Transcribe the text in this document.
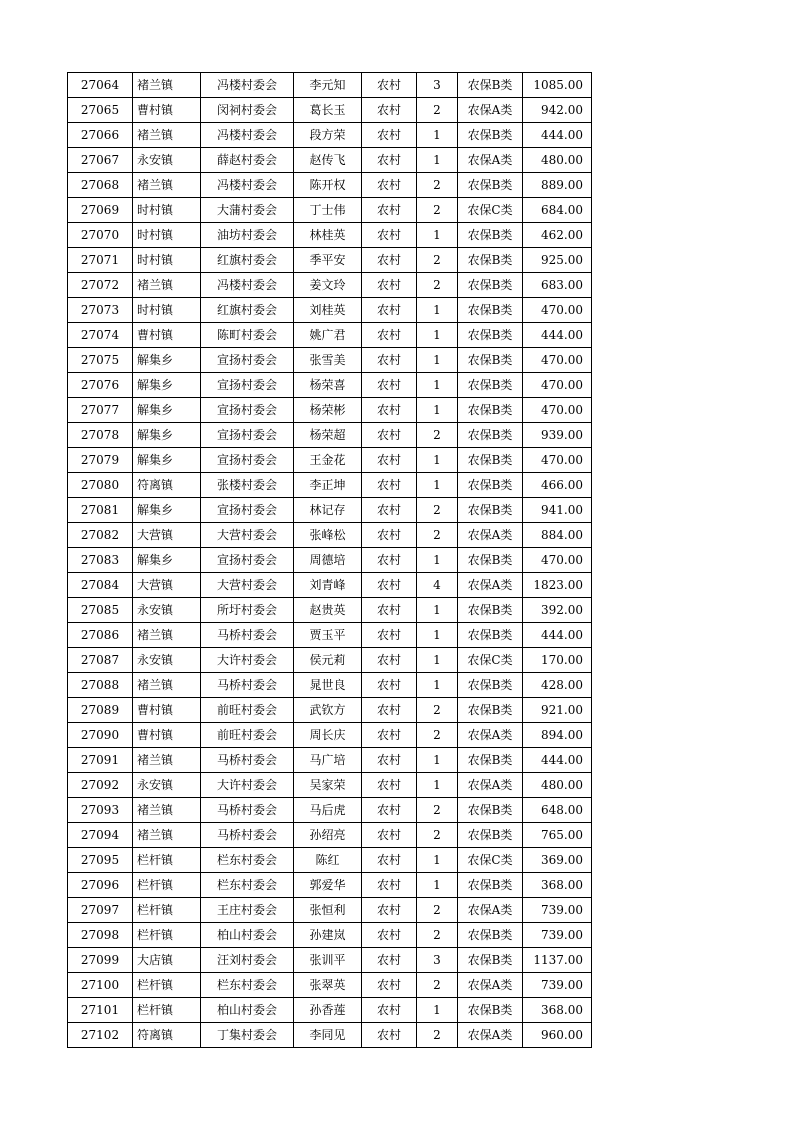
27064	褚兰镇	冯楼村委会	李元知	农村	3	农保B类	1085.00
27065	曹村镇	闵祠村委会	葛长玉	农村	2	农保A类	942.00
27066	褚兰镇	冯楼村委会	段方荣	农村	1	农保B类	444.00
27067	永安镇	薛赵村委会	赵传飞	农村	1	农保A类	480.00
27068	褚兰镇	冯楼村委会	陈开权	农村	2	农保B类	889.00
27069	时村镇	大蒲村委会	丁士伟	农村	2	农保C类	684.00
27070	时村镇	油坊村委会	林桂英	农村	1	农保B类	462.00
27071	时村镇	红旗村委会	季平安	农村	2	农保B类	925.00
27072	褚兰镇	冯楼村委会	姜文玲	农村	2	农保B类	683.00
27073	时村镇	红旗村委会	刘桂英	农村	1	农保B类	470.00
27074	曹村镇	陈町村委会	姚广君	农村	1	农保B类	444.00
27075	解集乡	宣扬村委会	张雪美	农村	1	农保B类	470.00
27076	解集乡	宣扬村委会	杨荣喜	农村	1	农保B类	470.00
27077	解集乡	宣扬村委会	杨荣彬	农村	1	农保B类	470.00
27078	解集乡	宣扬村委会	杨荣超	农村	2	农保B类	939.00
27079	解集乡	宣扬村委会	王金花	农村	1	农保B类	470.00
27080	符离镇	张楼村委会	李正坤	农村	1	农保B类	466.00
27081	解集乡	宣扬村委会	林记存	农村	2	农保B类	941.00
27082	大营镇	大营村委会	张峰松	农村	2	农保A类	884.00
27083	解集乡	宣扬村委会	周德培	农村	1	农保B类	470.00
27084	大营镇	大营村委会	刘青峰	农村	4	农保A类	1823.00
27085	永安镇	所圩村委会	赵贵英	农村	1	农保B类	392.00
27086	褚兰镇	马桥村委会	贾玉平	农村	1	农保B类	444.00
27087	永安镇	大许村委会	侯元莉	农村	1	农保C类	170.00
27088	褚兰镇	马桥村委会	晁世良	农村	1	农保B类	428.00
27089	曹村镇	前旺村委会	武钦方	农村	2	农保B类	921.00
27090	曹村镇	前旺村委会	周长庆	农村	2	农保A类	894.00
27091	褚兰镇	马桥村委会	马广培	农村	1	农保B类	444.00
27092	永安镇	大许村委会	吴家荣	农村	1	农保A类	480.00
27093	褚兰镇	马桥村委会	马后虎	农村	2	农保B类	648.00
27094	褚兰镇	马桥村委会	孙绍亮	农村	2	农保B类	765.00
27095	栏杆镇	栏东村委会	陈红	农村	1	农保C类	369.00
27096	栏杆镇	栏东村委会	郭爱华	农村	1	农保B类	368.00
27097	栏杆镇	王庄村委会	张恒利	农村	2	农保A类	739.00
27098	栏杆镇	柏山村委会	孙建岚	农村	2	农保B类	739.00
27099	大店镇	汪刘村委会	张训平	农村	3	农保B类	1137.00
27100	栏杆镇	栏东村委会	张翠英	农村	2	农保A类	739.00
27101	栏杆镇	柏山村委会	孙香莲	农村	1	农保B类	368.00
27102	符离镇	丁集村委会	李同见	农村	2	农保A类	960.00
